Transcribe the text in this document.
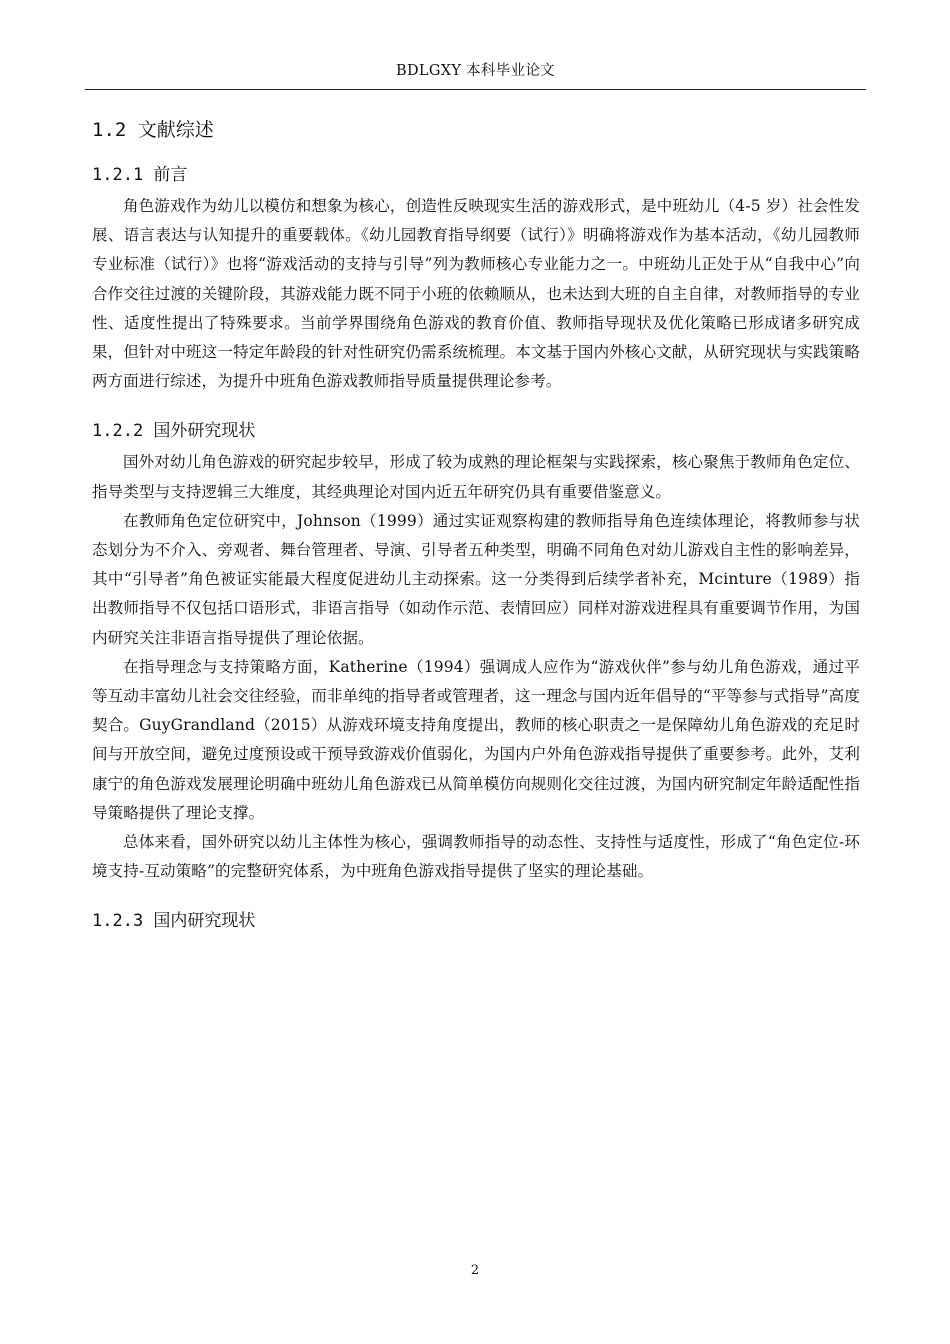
BDLGXY 本科毕业论文
1.2 文献综述
1.2.1 前言

角色游戏作为幼儿以模仿和想象为核心，创造性反映现实生活的游戏形式，是中班幼儿（4-5 岁）社会性发展、语言表达与认知提升的重要载体。《幼儿园教育指导纲要（试行）》明确将游戏作为基本活动，《幼儿园教师专业标准（试行）》也将“游戏活动的支持与引导”列为教师核心专业能力之一。中班幼儿正处于从“自我中心”向合作交往过渡的关键阶段，其游戏能力既不同于小班的依赖顺从，也未达到大班的自主自律，对教师指导的专业性、适度性提出了特殊要求。当前学界围绕角色游戏的教育价值、教师指导现状及优化策略已形成诸多研究成果，但针对中班这一特定年龄段的针对性研究仍需系统梳理。本文基于国内外核心文献，从研究现状与实践策略两方面进行综述，为提升中班角色游戏教师指导质量提供理论参考。

1.2.2 国外研究现状

国外对幼儿角色游戏的研究起步较早，形成了较为成熟的理论框架与实践探索，核心聚焦于教师角色定位、指导类型与支持逻辑三大维度，其经典理论对国内近五年研究仍具有重要借鉴意义。

在教师角色定位研究中，Johnson（1999）通过实证观察构建的教师指导角色连续体理论，将教师参与状态划分为不介入、旁观者、舞台管理者、导演、引导者五种类型，明确不同角色对幼儿游戏自主性的影响差异，其中“引导者”角色被证实能最大程度促进幼儿主动探索。这一分类得到后续学者补充，Mcinture（1989）指出教师指导不仅包括口语形式，非语言指导（如动作示范、表情回应）同样对游戏进程具有重要调节作用，为国内研究关注非语言指导提供了理论依据。

在指导理念与支持策略方面，Katherine（1994）强调成人应作为“游戏伙伴”参与幼儿角色游戏，通过平等互动丰富幼儿社会交往经验，而非单纯的指导者或管理者，这一理念与国内近年倡导的“平等参与式指导”高度契合。GuyGrandland（2015）从游戏环境支持角度提出，教师的核心职责之一是保障幼儿角色游戏的充足时间与开放空间，避免过度预设或干预导致游戏价值弱化，为国内户外角色游戏指导提供了重要参考。此外，艾利康宁的角色游戏发展理论明确中班幼儿角色游戏已从简单模仿向规则化交往过渡，为国内研究制定年龄适配性指导策略提供了理论支撑。

总体来看，国外研究以幼儿主体性为核心，强调教师指导的动态性、支持性与适度性，形成了“角色定位-环境支持-互动策略”的完整研究体系，为中班角色游戏指导提供了坚实的理论基础。

1.2.3 国内研究现状
2
